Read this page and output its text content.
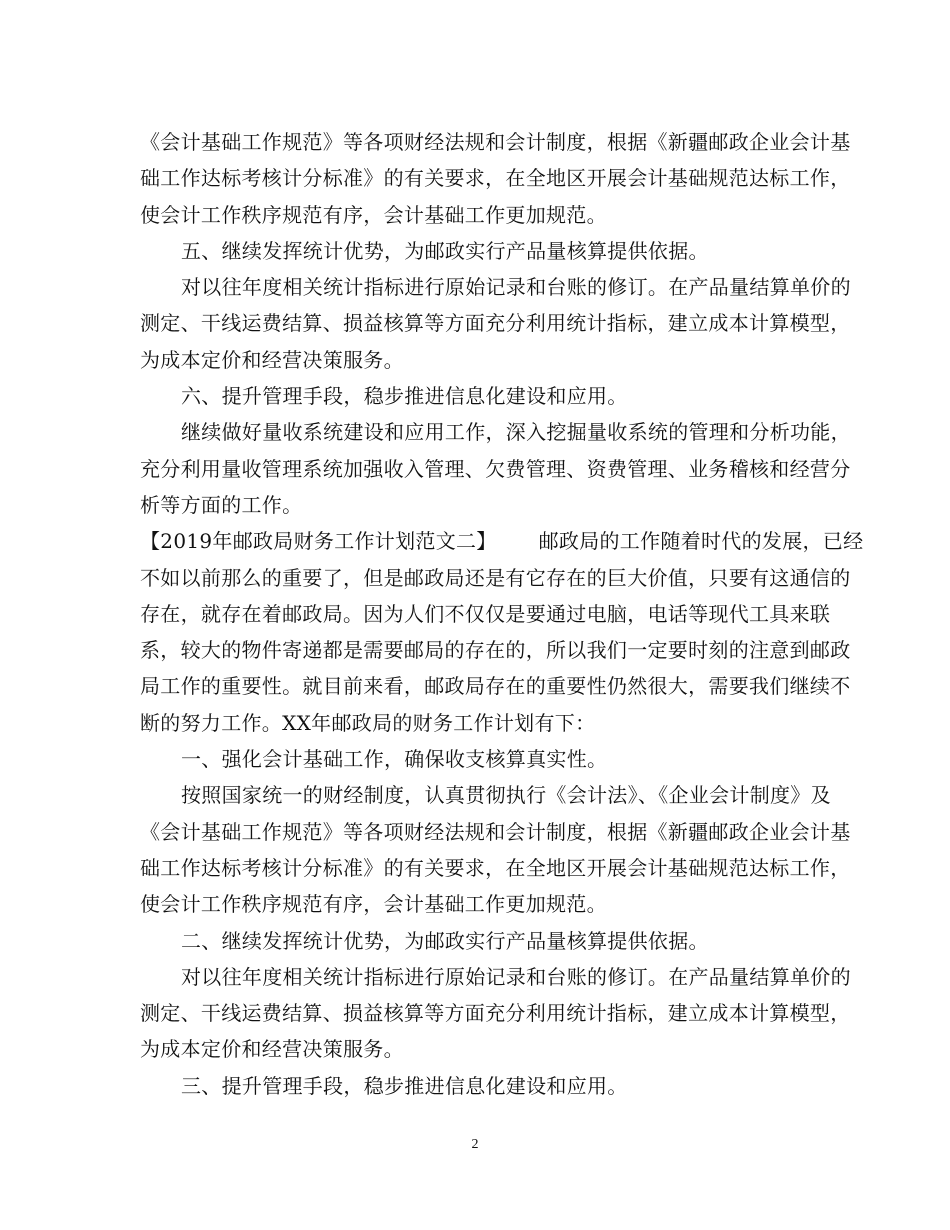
《会计基础工作规范》等各项财经法规和会计制度，根据《新疆邮政企业会计基
础工作达标考核计分标准》的有关要求，在全地区开展会计基础规范达标工作，
使会计工作秩序规范有序，会计基础工作更加规范。
五、继续发挥统计优势，为邮政实行产品量核算提供依据。
对以往年度相关统计指标进行原始记录和台账的修订。在产品量结算单价的
测定、干线运费结算、损益核算等方面充分利用统计指标，建立成本计算模型，
为成本定价和经营决策服务。
六、提升管理手段，稳步推进信息化建设和应用。
继续做好量收系统建设和应用工作，深入挖掘量收系统的管理和分析功能，
充分利用量收管理系统加强收入管理、欠费管理、资费管理、业务稽核和经营分
析等方面的工作。
【2019年邮政局财务工作计划范文二】 邮政局的工作随着时代的发展，已经
不如以前那么的重要了，但是邮政局还是有它存在的巨大价值，只要有这通信的
存在，就存在着邮政局。因为人们不仅仅是要通过电脑，电话等现代工具来联
系，较大的物件寄递都是需要邮局的存在的，所以我们一定要时刻的注意到邮政
局工作的重要性。就目前来看，邮政局存在的重要性仍然很大，需要我们继续不
断的努力工作。XX年邮政局的财务工作计划有下：
一、强化会计基础工作，确保收支核算真实性。
按照国家统一的财经制度，认真贯彻执行《会计法》、《企业会计制度》及
《会计基础工作规范》等各项财经法规和会计制度，根据《新疆邮政企业会计基
础工作达标考核计分标准》的有关要求，在全地区开展会计基础规范达标工作，
使会计工作秩序规范有序，会计基础工作更加规范。
二、继续发挥统计优势，为邮政实行产品量核算提供依据。
对以往年度相关统计指标进行原始记录和台账的修订。在产品量结算单价的
测定、干线运费结算、损益核算等方面充分利用统计指标，建立成本计算模型，
为成本定价和经营决策服务。
三、提升管理手段，稳步推进信息化建设和应用。
2
